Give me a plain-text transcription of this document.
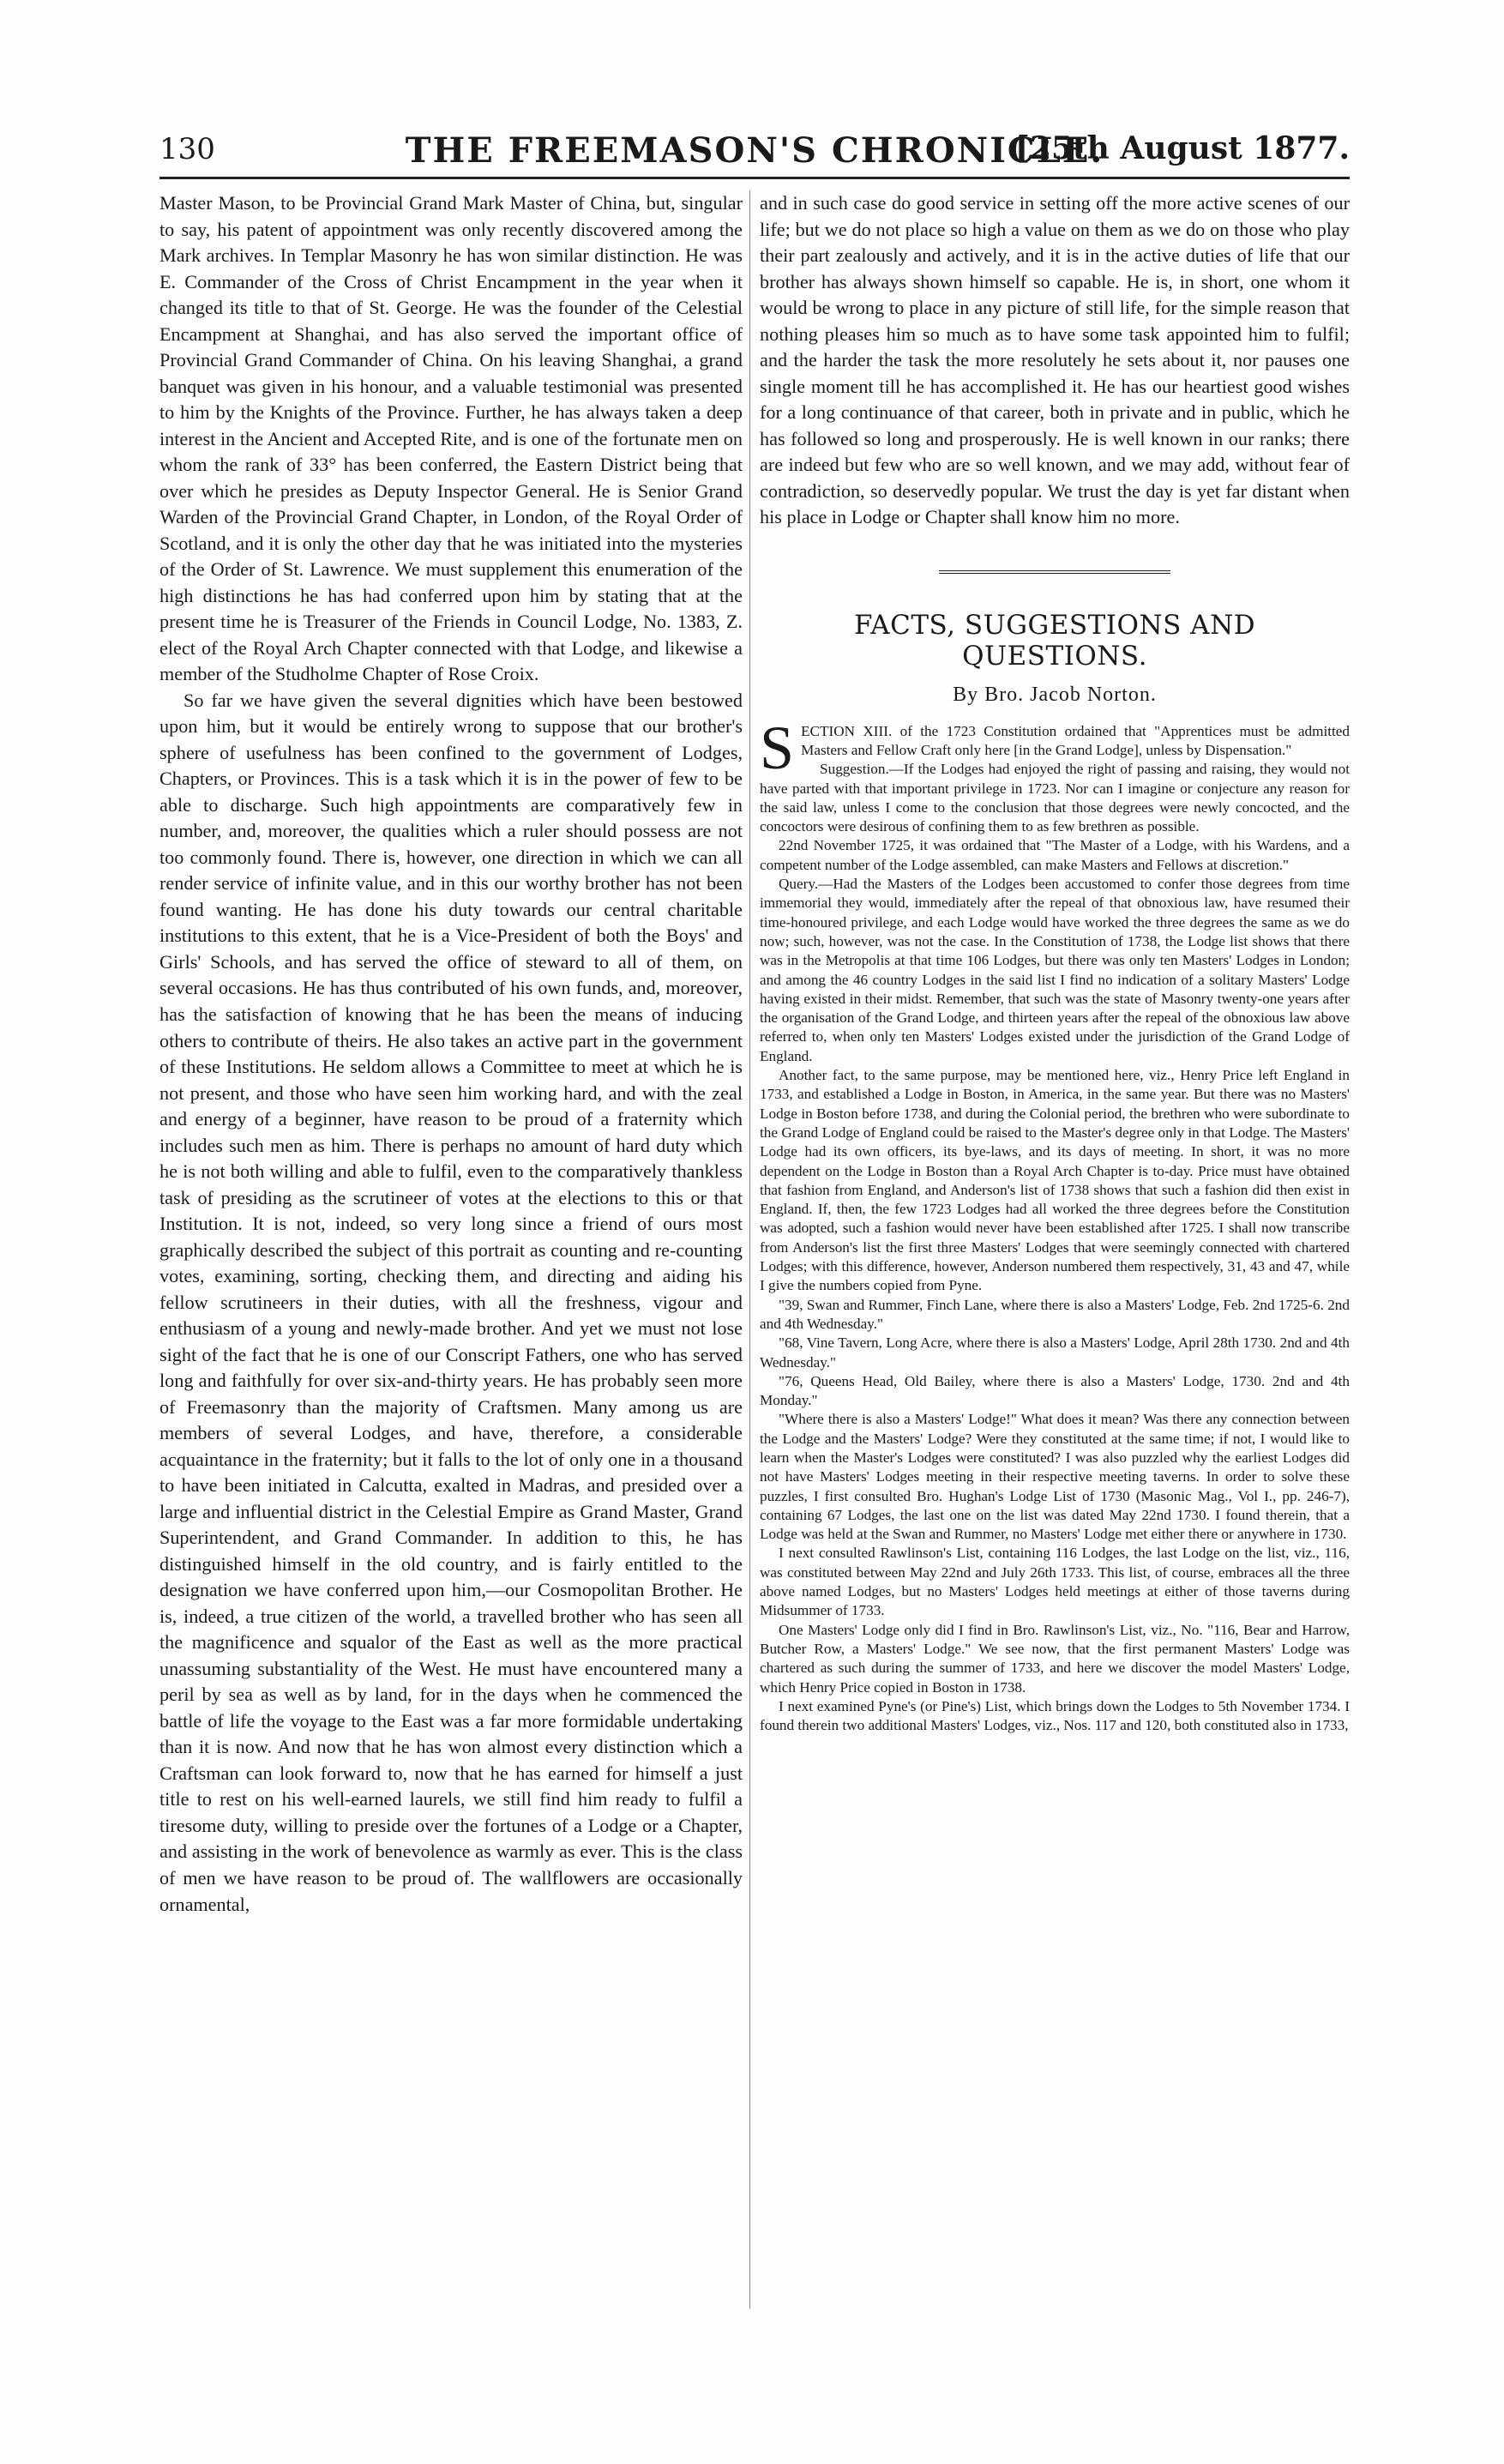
130	THE FREEMASON'S CHRONICLE.
[25th August 1877.

Master Mason, to be Provincial Grand Mark Master of China, but, singular to say, his patent of appointment was only recently discovered among the Mark archives. In Templar Masonry he has won similar distinction. He was E. Commander of the Cross of Christ Encampment in the year when it changed its title to that of St. George. He was the founder of the Celestial Encampment at Shanghai, and has also served the important office of Provincial Grand Commander of China. On his leaving Shanghai, a grand banquet was given in his honour, and a valuable testimonial was presented to him by the Knights of the Province. Further, he has always taken a deep interest in the Ancient and Accepted Rite, and is one of the fortunate men on whom the rank of 33° has been conferred, the Eastern District being that over which he presides as Deputy Inspector General. He is Senior Grand Warden of the Provincial Grand Chapter, in London, of the Royal Order of Scotland, and it is only the other day that he was initiated into the mysteries of the Order of St. Lawrence. We must supplement this enumeration of the high distinctions he has had conferred upon him by stating that at the present time he is Treasurer of the Friends in Council Lodge, No. 1383, Z. elect of the Royal Arch Chapter connected with that Lodge, and likewise a member of the Studholme Chapter of Rose Croix.

So far we have given the several dignities which have been bestowed upon him, but it would be entirely wrong to suppose that our brother's sphere of usefulness has been confined to the government of Lodges, Chapters, or Provinces. This is a task which it is in the power of few to be able to discharge. Such high appointments are comparatively few in number, and, moreover, the qualities which a ruler should possess are not too commonly found. There is, however, one direction in which we can all render service of infinite value, and in this our worthy brother has not been found wanting. He has done his duty towards our central charitable institutions to this extent, that he is a Vice-President of both the Boys' and Girls' Schools, and has served the office of steward to all of them, on several occasions. He has thus contributed of his own funds, and, moreover, has the satisfaction of knowing that he has been the means of inducing others to contribute of theirs. He also takes an active part in the government of these Institutions. He seldom allows a Committee to meet at which he is not present, and those who have seen him working hard, and with the zeal and energy of a beginner, have reason to be proud of a fraternity which includes such men as him. There is perhaps no amount of hard duty which he is not both willing and able to fulfil, even to the comparatively thankless task of presiding as the scrutineer of votes at the elections to this or that Institution. It is not, indeed, so very long since a friend of ours most graphically described the subject of this portrait as counting and re-counting votes, examining, sorting, checking them, and directing and aiding his fellow scrutineers in their duties, with all the freshness, vigour and enthusiasm of a young and newly-made brother. And yet we must not lose sight of the fact that he is one of our Conscript Fathers, one who has served long and faithfully for over six-and-thirty years. He has probably seen more of Freemasonry than the majority of Craftsmen. Many among us are members of several Lodges, and have, therefore, a considerable acquaintance in the fraternity; but it falls to the lot of only one in a thousand to have been initiated in Calcutta, exalted in Madras, and presided over a large and influential district in the Celestial Empire as Grand Master, Grand Superintendent, and Grand Commander. In addition to this, he has distinguished himself in the old country, and is fairly entitled to the designation we have conferred upon him,—our Cosmopolitan Brother. He is, indeed, a true citizen of the world, a travelled brother who has seen all the magnificence and squalor of the East as well as the more practical unassuming substantiality of the West. He must have encountered many a peril by sea as well as by land, for in the days when he commenced the battle of life the voyage to the East was a far more formidable undertaking than it is now. And now that he has won almost every distinction which a Craftsman can look forward to, now that he has earned for himself a just title to rest on his well-earned laurels, we still find him ready to fulfil a tiresome duty, willing to preside over the fortunes of a Lodge or a Chapter, and assisting in the work of benevolence as warmly as ever. This is the class of men we have reason to be proud of. The wallflowers are occasionally ornamental,

and in such case do good service in setting off the more active scenes of our life; but we do not place so high a value on them as we do on those who play their part zealously and actively, and it is in the active duties of life that our brother has always shown himself so capable. He is, in short, one whom it would be wrong to place in any picture of still life, for the simple reason that nothing pleases him so much as to have some task appointed him to fulfil; and the harder the task the more resolutely he sets about it, nor pauses one single moment till he has accomplished it. He has our heartiest good wishes for a long continuance of that career, both in private and in public, which he has followed so long and prosperously. He is well known in our ranks; there are indeed but few who are so well known, and we may add, without fear of contradiction, so deservedly popular. We trust the day is yet far distant when his place in Lodge or Chapter shall know him no more.

FACTS, SUGGESTIONS AND QUESTIONS.
By Bro. Jacob Norton.

SECTION XIII. of the 1723 Constitution ordained that "Apprentices must be admitted Masters and Fellow Craft only here [in the Grand Lodge], unless by Dispensation."

Suggestion.—If the Lodges had enjoyed the right of passing and raising, they would not have parted with that important privilege in 1723. Nor can I imagine or conjecture any reason for the said law, unless I come to the conclusion that those degrees were newly concocted, and the concoctors were desirous of confining them to as few brethren as possible.

22nd November 1725, it was ordained that "The Master of a Lodge, with his Wardens, and a competent number of the Lodge assembled, can make Masters and Fellows at discretion."

Query.—Had the Masters of the Lodges been accustomed to confer those degrees from time immemorial they would, immediately after the repeal of that obnoxious law, have resumed their time-honoured privilege, and each Lodge would have worked the three degrees the same as we do now; such, however, was not the case. In the Constitution of 1738, the Lodge list shows that there was in the Metropolis at that time 106 Lodges, but there was only ten Masters' Lodges in London; and among the 46 country Lodges in the said list I find no indication of a solitary Masters' Lodge having existed in their midst. Remember, that such was the state of Masonry twenty-one years after the organisation of the Grand Lodge, and thirteen years after the repeal of the obnoxious law above referred to, when only ten Masters' Lodges existed under the jurisdiction of the Grand Lodge of England.

Another fact, to the same purpose, may be mentioned here, viz., Henry Price left England in 1733, and established a Lodge in Boston, in America, in the same year. But there was no Masters' Lodge in Boston before 1738, and during the Colonial period, the brethren who were subordinate to the Grand Lodge of England could be raised to the Master's degree only in that Lodge. The Masters' Lodge had its own officers, its bye-laws, and its days of meeting. In short, it was no more dependent on the Lodge in Boston than a Royal Arch Chapter is to-day. Price must have obtained that fashion from England, and Anderson's list of 1738 shows that such a fashion did then exist in England. If, then, the few 1723 Lodges had all worked the three degrees before the Constitution was adopted, such a fashion would never have been established after 1725. I shall now transcribe from Anderson's list the first three Masters' Lodges that were seemingly connected with chartered Lodges; with this difference, however, Anderson numbered them respectively, 31, 43 and 47, while I give the numbers copied from Pyne.

"39, Swan and Rummer, Finch Lane, where there is also a Masters' Lodge, Feb. 2nd 1725-6. 2nd and 4th Wednesday."

"68, Vine Tavern, Long Acre, where there is also a Masters' Lodge, April 28th 1730. 2nd and 4th Wednesday."

"76, Queens Head, Old Bailey, where there is also a Masters' Lodge, 1730. 2nd and 4th Monday."

"Where there is also a Masters' Lodge!" What does it mean? Was there any connection between the Lodge and the Masters' Lodge? Were they constituted at the same time; if not, I would like to learn when the Master's Lodges were constituted? I was also puzzled why the earliest Lodges did not have Masters' Lodges meeting in their respective meeting taverns. In order to solve these puzzles, I first consulted Bro. Hughan's Lodge List of 1730 (Masonic Mag., Vol I., pp. 246-7), containing 67 Lodges, the last one on the list was dated May 22nd 1730. I found therein, that a Lodge was held at the Swan and Rummer, no Masters' Lodge met either there or anywhere in 1730.

I next consulted Rawlinson's List, containing 116 Lodges, the last Lodge on the list, viz., 116, was constituted between May 22nd and July 26th 1733. This list, of course, embraces all the three above named Lodges, but no Masters' Lodges held meetings at either of those taverns during Midsummer of 1733.

One Masters' Lodge only did I find in Bro. Rawlinson's List, viz., No. "116, Bear and Harrow, Butcher Row, a Masters' Lodge." We see now, that the first permanent Masters' Lodge was chartered as such during the summer of 1733, and here we discover the model Masters' Lodge, which Henry Price copied in Boston in 1738.

I next examined Pyne's (or Pine's) List, which brings down the Lodges to 5th November 1734. I found therein two additional Masters' Lodges, viz., Nos. 117 and 120, both constituted also in 1733,
